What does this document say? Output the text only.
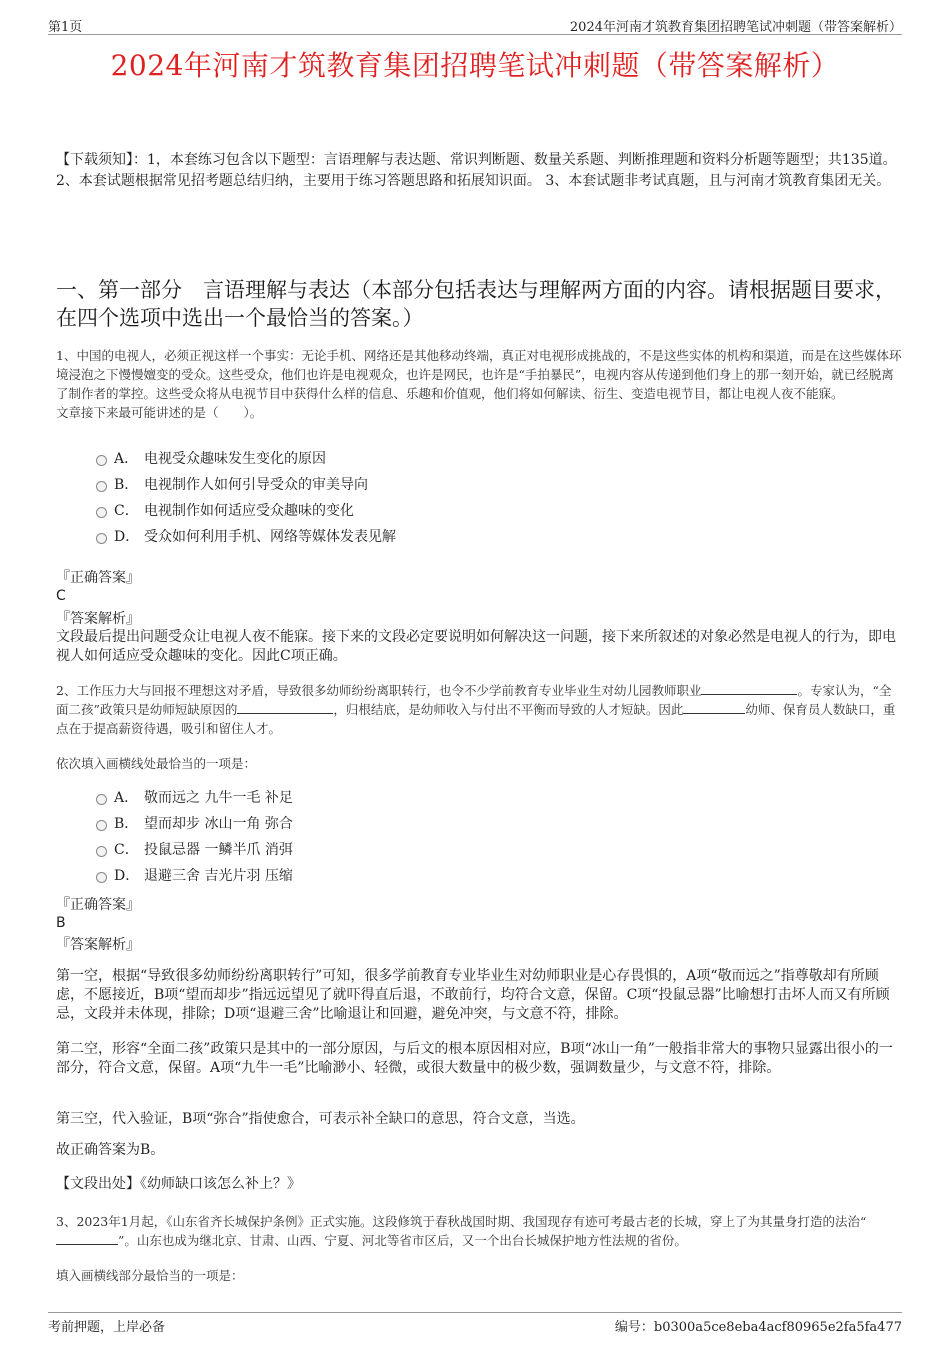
第1页	2024年河南才筑教育集团招聘笔试冲刺题（带答案解析）
2024年河南才筑教育集团招聘笔试冲刺题（带答案解析）
【下载须知】：1，本套练习包含以下题型：言语理解与表达题、常识判断题、数量关系题、判断推理题和资料分析题等题型；共135道。 2、本套试题根据常见招考题总结归纳，主要用于练习答题思路和拓展知识面。 3、本套试题非考试真题，且与河南才筑教育集团无关。
一、第一部分　言语理解与表达（本部分包括表达与理解两方面的内容。请根据题目要求，在四个选项中选出一个最恰当的答案。）
1、中国的电视人，必须正视这样一个事实：无论手机、网络还是其他移动终端，真正对电视形成挑战的，不是这些实体的机构和渠道，而是在这些媒体环境浸泡之下慢慢嬗变的受众。这些受众，他们也许是电视观众，也许是网民，也许是“手拍暴民”，电视内容从传递到他们身上的那一刻开始，就已经脱离了制作者的掌控。这些受众将从电视节目中获得什么样的信息、乐趣和价值观，他们将如何解读、衍生、变造电视节目，都让电视人夜不能寐。
文章接下来最可能讲述的是（　　）。
A． 电视受众趣味发生变化的原因
B． 电视制作人如何引导受众的审美导向
C． 电视制作如何适应受众趣味的变化
D． 受众如何利用手机、网络等媒体发表见解
『正确答案』
C
『答案解析』
文段最后提出问题受众让电视人夜不能寐。接下来的文段必定要说明如何解决这一问题，接下来所叙述的对象必然是电视人的行为，即电视人如何适应受众趣味的变化。因此C项正确。
2、工作压力大与回报不理想这对矛盾，导致很多幼师纷纷离职转行，也令不少学前教育专业毕业生对幼儿园教师职业	。专家认为，“全面二孩”政策只是幼师短缺原因的	，归根结底，是幼师收入与付出不平衡而导致的人才短缺。因此	幼师、保育员人数缺口，重点在于提高薪资待遇，吸引和留住人才。
依次填入画横线处最恰当的一项是：
A． 敬而远之 九牛一毛 补足
B． 望而却步 冰山一角 弥合
C． 投鼠忌器 一鳞半爪 消弭
D． 退避三舍 吉光片羽 压缩
『正确答案』
B
『答案解析』
第一空，根据“导致很多幼师纷纷离职转行”可知，很多学前教育专业毕业生对幼师职业是心存畏惧的，A项“敬而远之”指尊敬却有所顾虑，不愿接近，B项“望而却步”指远远望见了就吓得直后退，不敢前行，均符合文意，保留。C项“投鼠忌器”比喻想打击坏人而又有所顾忌，文段并未体现，排除；D项“退避三舍”比喻退让和回避，避免冲突，与文意不符，排除。
第二空，形容“全面二孩”政策只是其中的一部分原因，与后文的根本原因相对应，B项“冰山一角”一般指非常大的事物只显露出很小的一部分，符合文意，保留。A项“九牛一毛”比喻渺小、轻微，或很大数量中的极少数，强调数量少，与文意不符，排除。
第三空，代入验证，B项“弥合”指使愈合，可表示补全缺口的意思，符合文意，当选。
故正确答案为B。
【文段出处】《幼师缺口该怎么补上？》
3、2023年1月起，《山东省齐长城保护条例》正式实施。这段修筑于春秋战国时期、我国现存有迹可考最古老的长城，穿上了为其量身打造的法治“”。山东也成为继北京、甘肃、山西、宁夏、河北等省市区后，又一个出台长城保护地方性法规的省份。
填入画横线部分最恰当的一项是：
考前押题，上岸必备	编号：b0300a5ce8eba4acf80965e2fa5fa477
